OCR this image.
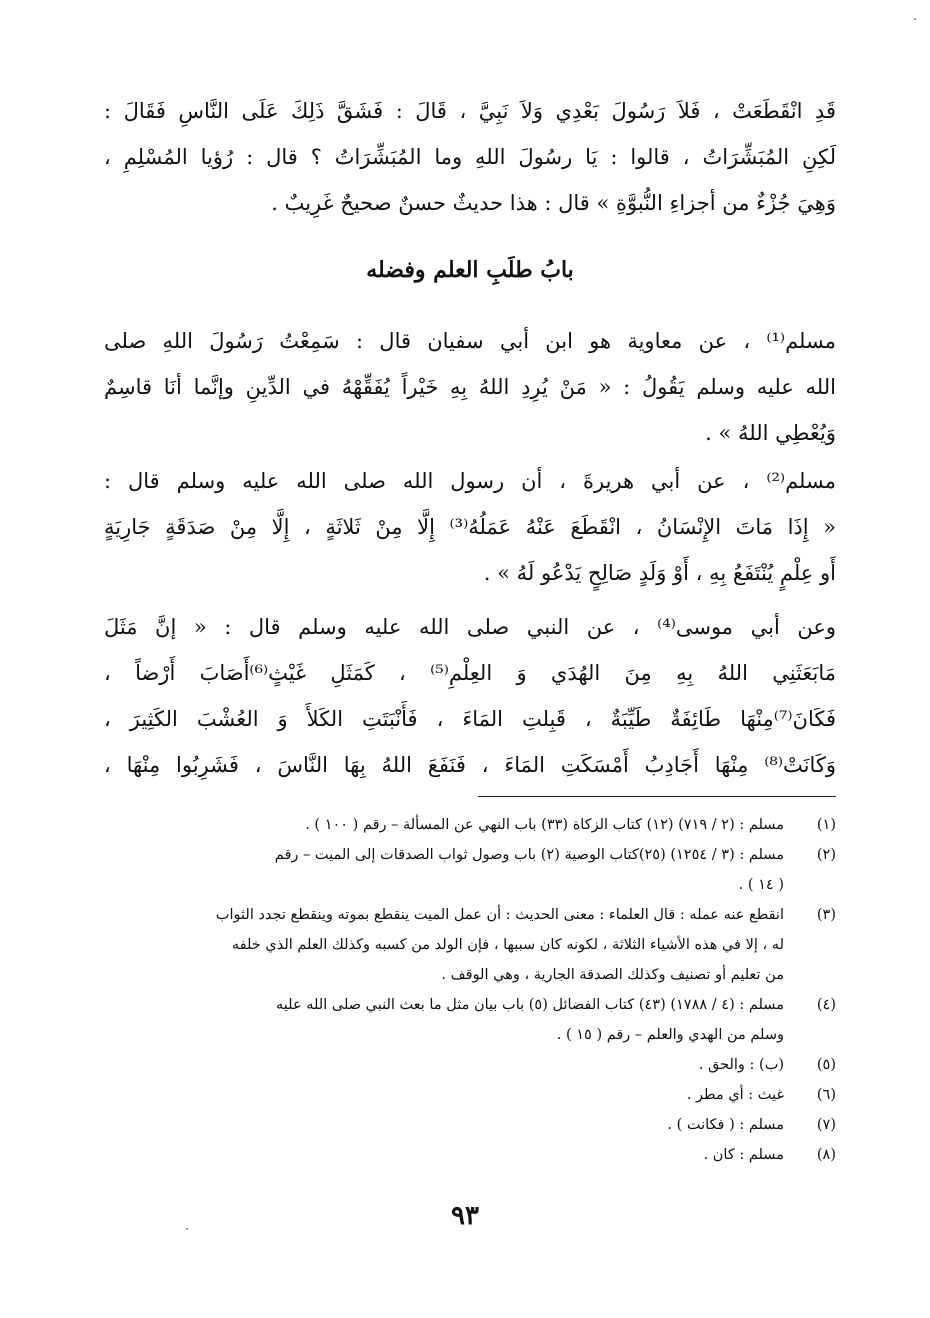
قَدِ انْقَطَعَتْ ، فَلاَ رَسُولَ بَعْدِي وَلاَ نَبِيَّ ، قَالَ : فَشَقَّ ذَلِكَ عَلَى النَّاسِ فَقَالَ :
لَكِنِ المُبَشِّرَاتُ ، قالوا : يَا رسُولَ اللهِ وما المُبَشِّرَاتُ ؟ قال : رُؤيا المُسْلِمِ ،
وَهِيَ جُزْءٌ من أجزاءِ النُّبوَّةِ » قال : هذا حديثٌ حسنٌ صحيحٌ غَرِيبٌ .
بابُ طلَبِ العلم وفضله
مسلم⁽¹⁾ ، عن معاوية هو ابن أبي سفيان قال : سَمِعْتُ رَسُولَ اللهِ صلى
الله عليه وسلم يَقُولُ : « مَنْ يُرِدِ اللهُ بِهِ خَيْراً يُفَقِّهْهُ في الدِّينِ وإنَّما أنَا قاسِمٌ
وَيُعْطِي اللهُ » .
مسلم⁽²⁾ ، عن أبي هريرةَ ، أن رسول الله صلى الله عليه وسلم قال :
« إِذَا مَاتَ الإِنْسَانُ ، انْقَطَعَ عَنْهُ عَمَلُهُ⁽³⁾ إِلَّا مِنْ ثَلاثَةٍ ، إِلَّا مِنْ صَدَقَةٍ جَارِيَةٍ
أَو عِلْمٍ يُنْتَفَعُ بِهِ ، أَوْ وَلَدٍ صَالِحٍ يَدْعُو لَهُ » .
وعن أبي موسى⁽⁴⁾ ، عن النبي صلى الله عليه وسلم قال : « إنَّ مَثَلَ
مَابَعَثَنِي اللهُ بِهِ مِنَ الهُدَي وَ العِلْمِ⁽⁵⁾ ، كَمَثَلِ غَيْثٍ⁽⁶⁾أَصَابَ أَرْضاً ،
فَكَانَ⁽⁷⁾مِنْهَا طَائِفَةٌ طَيِّبَةٌ ، قَبِلتِ المَاءَ ، فَأَنْبَتَتِ الكَلأَ وَ العُشْبَ الكَثِيرَ ،
وَكَانَتْ⁽⁸⁾ مِنْهَا أَجَادِبُ أَمْسَكَتِ المَاءَ ، فَنَفَعَ اللهُ بِهَا النَّاسَ ، فَشَرِبُوا مِنْهَا ،
(١)
مسلم : (٢ / ٧١٩) (١٢) كتاب الزكاة (٣٣) باب النهي عن المسألة – رقم ( ١٠٠ ) .
(٢)
مسلم : (٣ / ١٢٥٤) (٢٥)كتاب الوصية (٢) باب وصول ثواب الصدقات إلى الميت – رقم
( ١٤ ) .
(٣)
انقطع عنه عمله : قال العلماء : معنى الحديث : أن عمل الميت ينقطع بموته وينقطع تجدد الثواب
له ، إلا في هذه الأشياء الثلاثة ، لكونه كان سببها ، فإن الولد من كسبه وكذلك العلم الذي خلفه
من تعليم أو تصنيف وكذلك الصدقة الجارية ، وهي الوقف .
(٤)
مسلم : (٤ / ١٧٨٨) (٤٣) كتاب الفضائل (٥) باب بيان مثل ما بعث النبي صلى الله عليه
وسلم من الهدي والعلم – رقم ( ١٥ ) .
(٥)
(ب) : والحق .
(٦)
غيث : أي مطر .
(٧)
مسلم : ( فكانت ) .
(٨)
مسلم : كان .
٩٣
